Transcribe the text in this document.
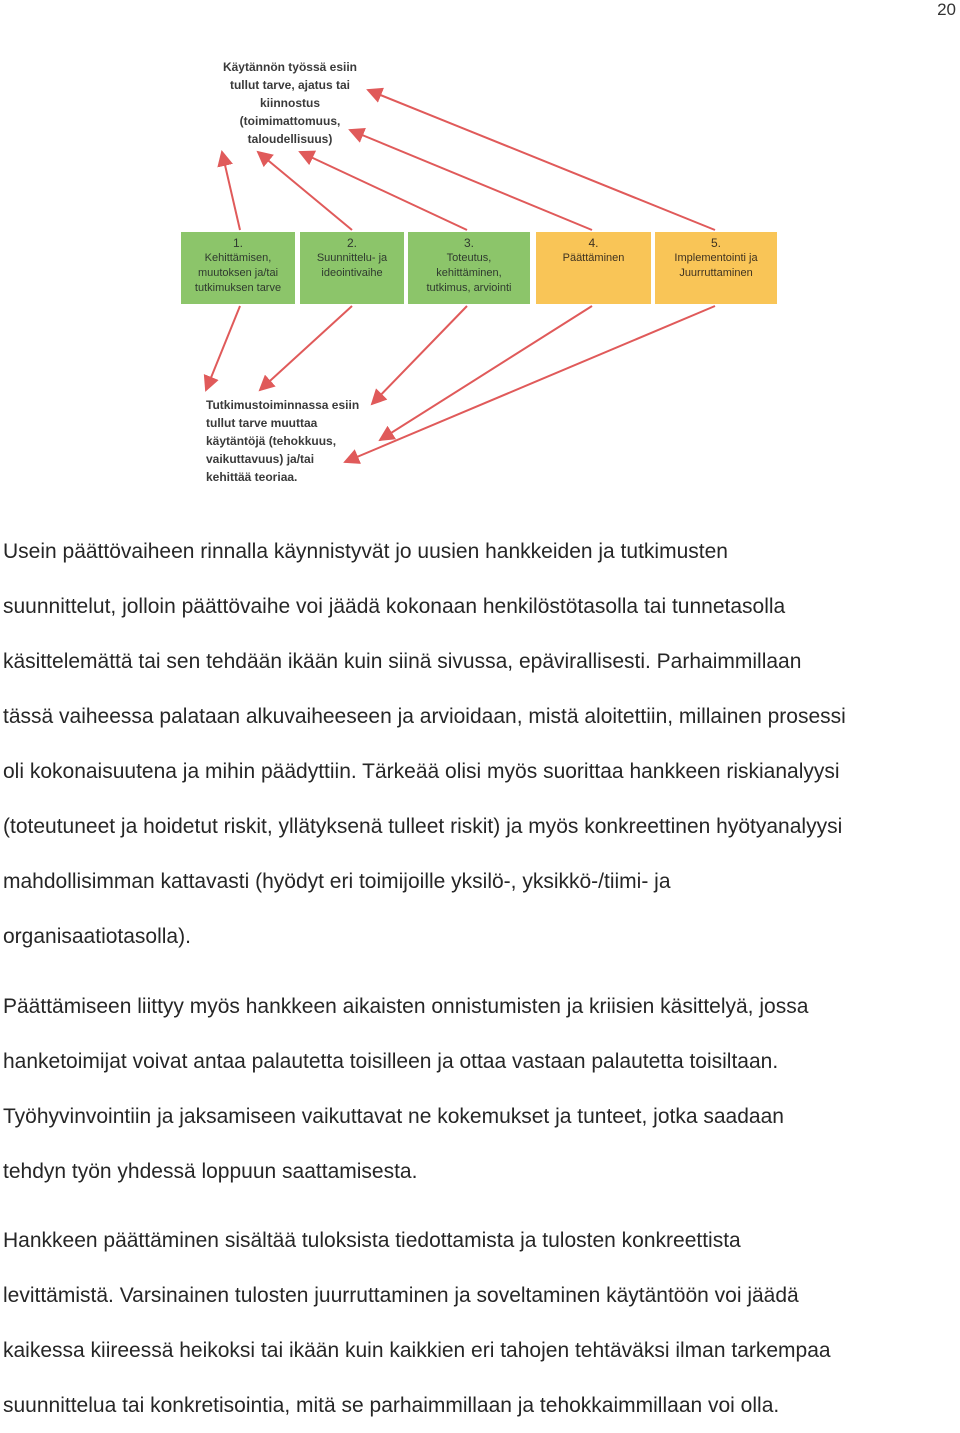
20
Käytännön työssä esiin
tullut tarve, ajatus tai
kiinnostus
(toimimattomuus,
taloudellisuus)
1.
Kehittämisen,
muutoksen ja/tai
tutkimuksen tarve
2.
Suunnittelu- ja
ideointivaihe
3.
Toteutus,
kehittäminen,
tutkimus, arviointi
4.
Päättäminen
5.
Implementointi ja
Juurruttaminen
Tutkimustoiminnassa esiin
tullut tarve muuttaa
käytäntöjä (tehokkuus,
vaikuttavuus) ja/tai
kehittää teoriaa.
Usein päättövaiheen rinnalla käynnistyvät jo uusien hankkeiden ja tutkimusten
suunnittelut, jolloin päättövaihe voi jäädä kokonaan henkilöstötasolla tai tunnetasolla
käsittelemättä tai sen tehdään ikään kuin siinä sivussa, epävirallisesti. Parhaimmillaan
tässä vaiheessa palataan alkuvaiheeseen ja arvioidaan, mistä aloitettiin, millainen prosessi
oli kokonaisuutena ja mihin päädyttiin. Tärkeää olisi myös suorittaa hankkeen riskianalyysi
(toteutuneet ja hoidetut riskit, yllätyksenä tulleet riskit) ja myös konkreettinen hyötyanalyysi
mahdollisimman kattavasti (hyödyt eri toimijoille yksilö-, yksikkö-/tiimi- ja
organisaatiotasolla).
Päättämiseen liittyy myös hankkeen aikaisten onnistumisten ja kriisien käsittelyä, jossa
hanketoimijat voivat antaa palautetta toisilleen ja ottaa vastaan palautetta toisiltaan.
Työhyvinvointiin ja jaksamiseen vaikuttavat ne kokemukset ja tunteet, jotka saadaan
tehdyn työn yhdessä loppuun saattamisesta.
Hankkeen päättäminen sisältää tuloksista tiedottamista ja tulosten konkreettista
levittämistä. Varsinainen tulosten juurruttaminen ja soveltaminen käytäntöön voi jäädä
kaikessa kiireessä heikoksi tai ikään kuin kaikkien eri tahojen tehtäväksi ilman tarkempaa
suunnittelua tai konkretisointia, mitä se parhaimmillaan ja tehokkaimmillaan voi olla.
